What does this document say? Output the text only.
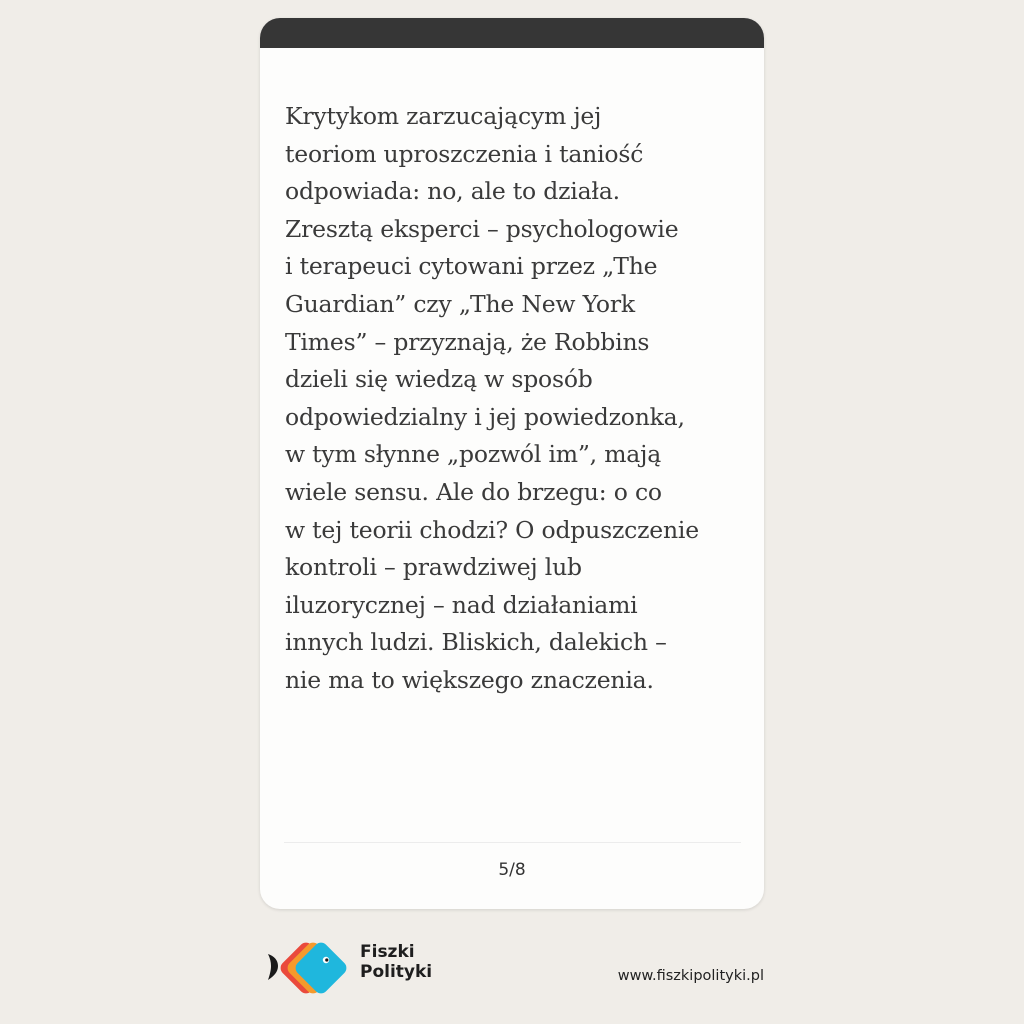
Krytykom zarzucającym jej
teoriom uproszczenia i taniość
odpowiada: no, ale to działa.
Zresztą eksperci – psychologowie
i terapeuci cytowani przez „The
Guardian” czy „The New York
Times” – przyznają, że Robbins
dzieli się wiedzą w sposób
odpowiedzialny i jej powiedzonka,
w tym słynne „pozwól im”, mają
wiele sensu. Ale do brzegu: o co
w tej teorii chodzi? O odpuszczenie
kontroli – prawdziwej lub
iluzorycznej – nad działaniami
innych ludzi. Bliskich, dalekich –
nie ma to większego znaczenia.

5/8
Fiszki
Polityki	www.fiszkipolityki.pl
